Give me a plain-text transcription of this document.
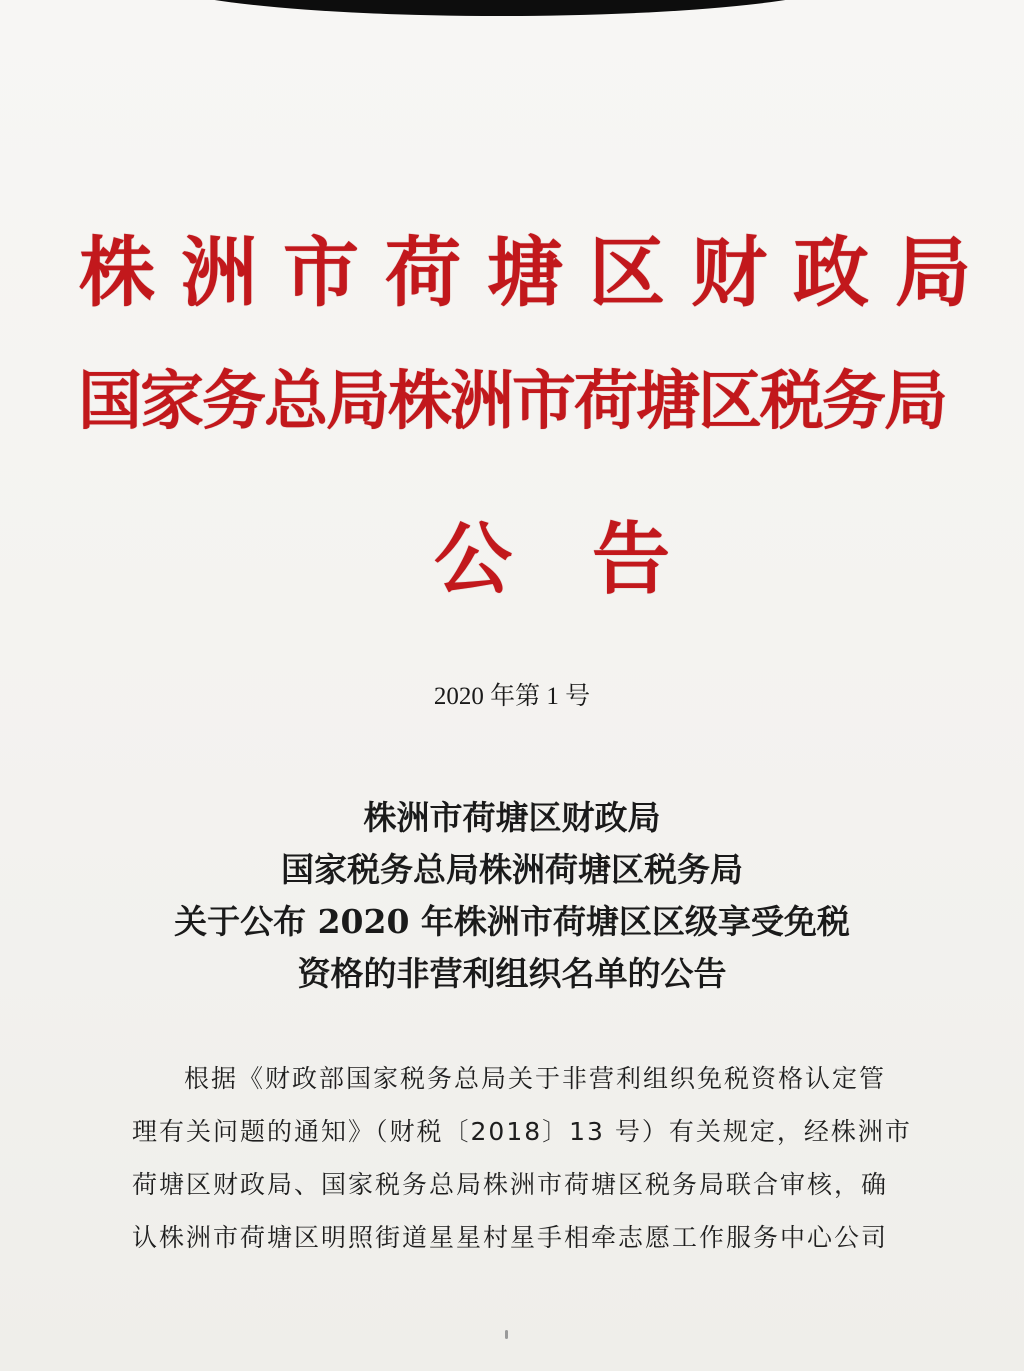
株洲市荷塘区财政局
国家务总局株洲市荷塘区税务局
公告
2020 年第 1 号
株洲市荷塘区财政局
国家税务总局株洲荷塘区税务局
关于公布 2020 年株洲市荷塘区区级享受免税
资格的非营利组织名单的公告
根据《财政部国家税务总局关于非营利组织免税资格认定管
理有关问题的通知》（财税〔2018〕13 号）有关规定，经株洲市
荷塘区财政局、国家税务总局株洲市荷塘区税务局联合审核，确
认株洲市荷塘区明照街道星星村星手相牵志愿工作服务中心公司
